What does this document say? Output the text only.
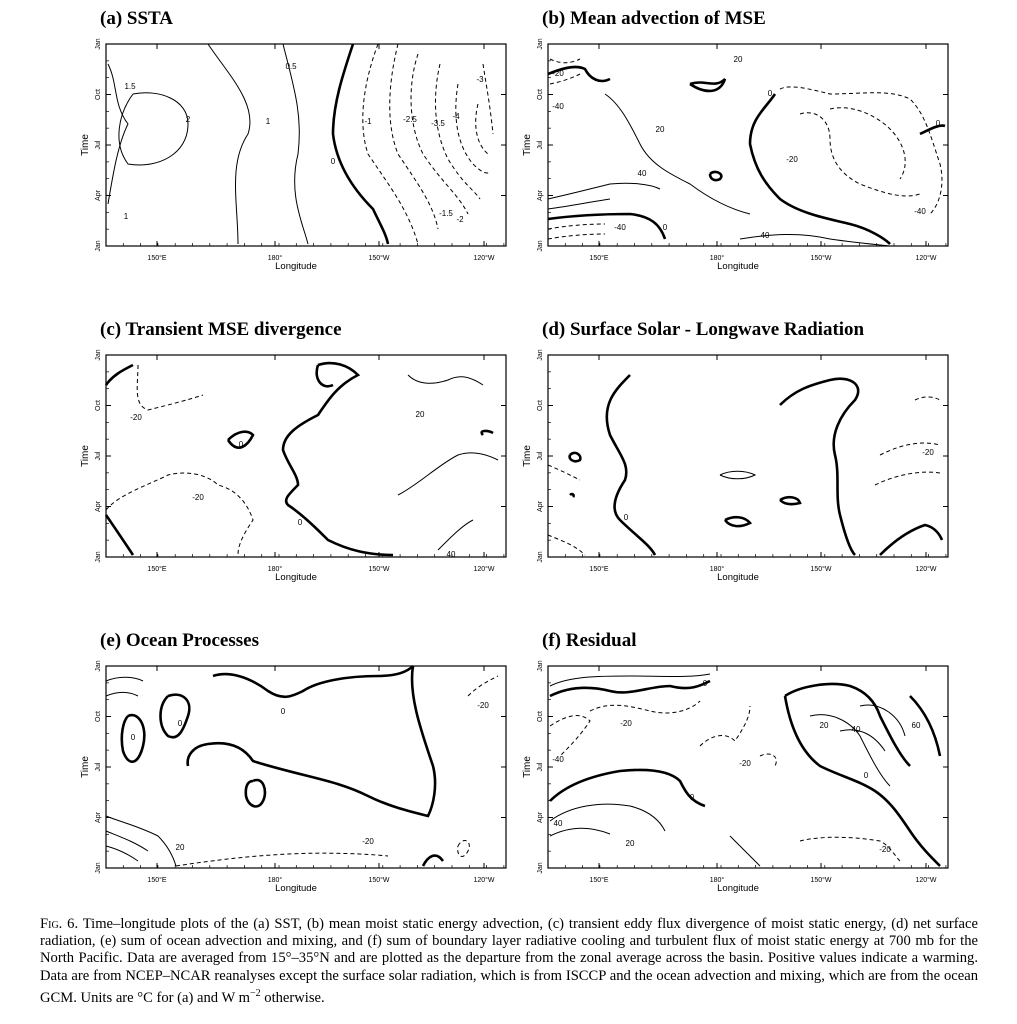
(a) SSTA
Jan
Oct
Jul
Apr
Jan
150°E	180°	150°W	120°W
Longitude
Time
1.5
2	1
0.5
0
-1	-2.5 -3.5
-4
-3
-1.5
-2
1
(b) Mean advection of MSE
Jan
Oct
Jul
Apr
Jan
150°E	180°	150°W	120°W
Longitude
Time
-20
20
0
20
-20
40
0
-40
40
0
-40
-40
(c) Transient MSE divergence
Jan
Oct
Jul
Apr
Jan
150°E	180°	150°W	120°W
Longitude
Time
-20	20
0
-20
0
40
(d) Surface Solar - Longwave Radiation
Jan
Oct
Jul
Apr
Jan
150°E	180°	150°W	120°W
Longitude
Time	-20
0
(e) Ocean Processes
Jan
Oct
Jul
Apr
Jan
150°E	180°	150°W	120°W
Longitude
Time
0
0
0
-20
20
-20
(f) Residual
Jan
Oct
Jul
Apr
Jan
150°E	180°	150°W	120°W
Longitude
Time
0
-20
-40	-20
0
20	40	60
0
40
20
-20
Fig. 6. Time–longitude plots of the (a) SST, (b) mean moist static energy advection, (c) transient eddy flux divergence of moist static energy, (d) net surface radiation, (e) sum of ocean advection and mixing, and (f) sum of boundary layer radiative cooling and turbulent flux of moist static energy at 700 mb for the North Pacific. Data are averaged from 15°–35°N and are plotted as the departure from the zonal average across the basin. Positive values indicate a warming. Data are from NCEP–NCAR reanalyses except the surface solar radiation, which is from ISCCP and the ocean advection and mixing, which are from the ocean GCM. Units are °C for (a) and W $m^{-2}$ otherwise.
